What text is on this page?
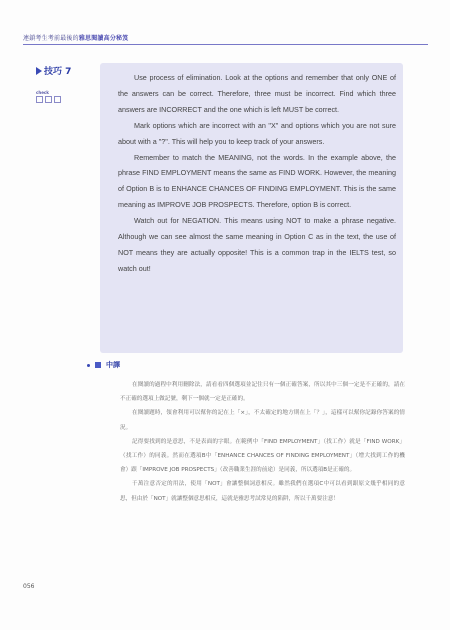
連鎖考生考前最後的雅思閱讀高分秘笈
技巧 7
check

Use process of elimination. Look at the options and remember that only ONE of the answers can be correct. Therefore, three must be incorrect. Find which three answers are INCORRECT and the one which is left MUST be correct.

Mark options which are incorrect with an "X" and options which you are not sure about with a "?". This will help you to keep track of your answers.

Remember to match the MEANING, not the words. In the example above, the phrase FIND EMPLOYMENT means the same as FIND WORK. However, the meaning of Option B is to ENHANCE CHANCES OF FINDING EMPLOYMENT. This is the same meaning as IMPROVE JOB PROSPECTS. Therefore, option B is correct.

Watch out for NEGATION. This means using NOT to make a phrase negative. Although we can see almost the same meaning in Option C as in the text, the use of NOT means they are actually opposite! This is a common trap in the IELTS test, so watch out!

中譯

在閱讀的過程中利用刪除法，請看看四個選項並記住只有一個正確答案，所以其中三個一定是不正確的，請在不正確的選項上做記號，剩下一個就一定是正確的。

在閱讀題時，領會利用可以幫你的記在上「×」，不太確定的地方則在上「？」，這樣可以幫你記錄你答案的情況。

記得要找到的是意思，不是表面的字眼。在範例中「FIND EMPLOYMENT」（找工作）就是「FIND WORK」（找工作）的同義。然而在選項B中「ENHANCE CHANCES OF FINDING EMPLOYMENT」（增大找到工作的機會）跟「IMPROVE JOB PROSPECTS」（改善職業生涯的前途）是同義，所以選項B是正確的。

千萬注意否定的用法，使用「NOT」會讓整個詞意相反。雖然我們在選項C中可以看到跟原文幾乎相同的意思，但由於「NOT」就讓整個意思相反，這就是雅思考試常見的陷阱，所以千萬要注意！

056
